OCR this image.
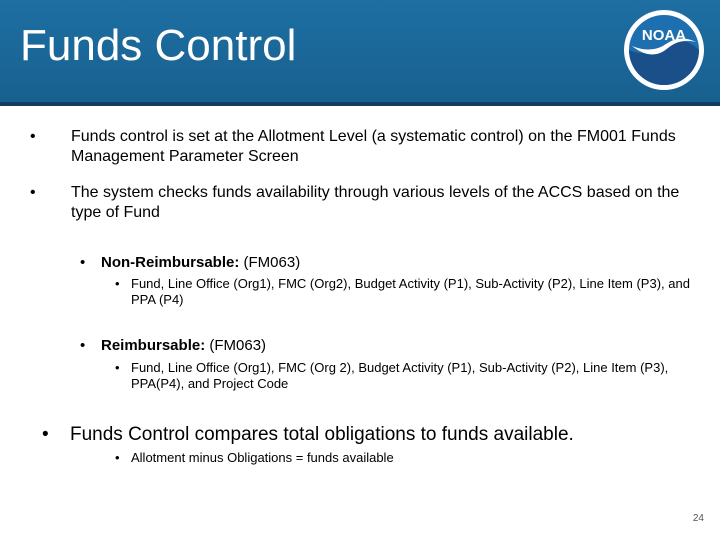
Funds Control	NOAA
• Funds control is set at the Allotment Level (a systematic control) on the FM001 Funds Management Parameter Screen
• The system checks funds availability through various levels of the ACCS based on the type of Fund
• Non-Reimbursable: (FM063)
• Fund, Line Office (Org1), FMC (Org2), Budget Activity (P1), Sub-Activity (P2), Line Item (P3), and PPA (P4)
• Reimbursable: (FM063)
• Fund, Line Office (Org1), FMC (Org 2), Budget Activity (P1), Sub-Activity (P2), Line Item (P3), PPA(P4), and Project Code
• Funds Control compares total obligations to funds available.
• Allotment minus Obligations = funds available
24
